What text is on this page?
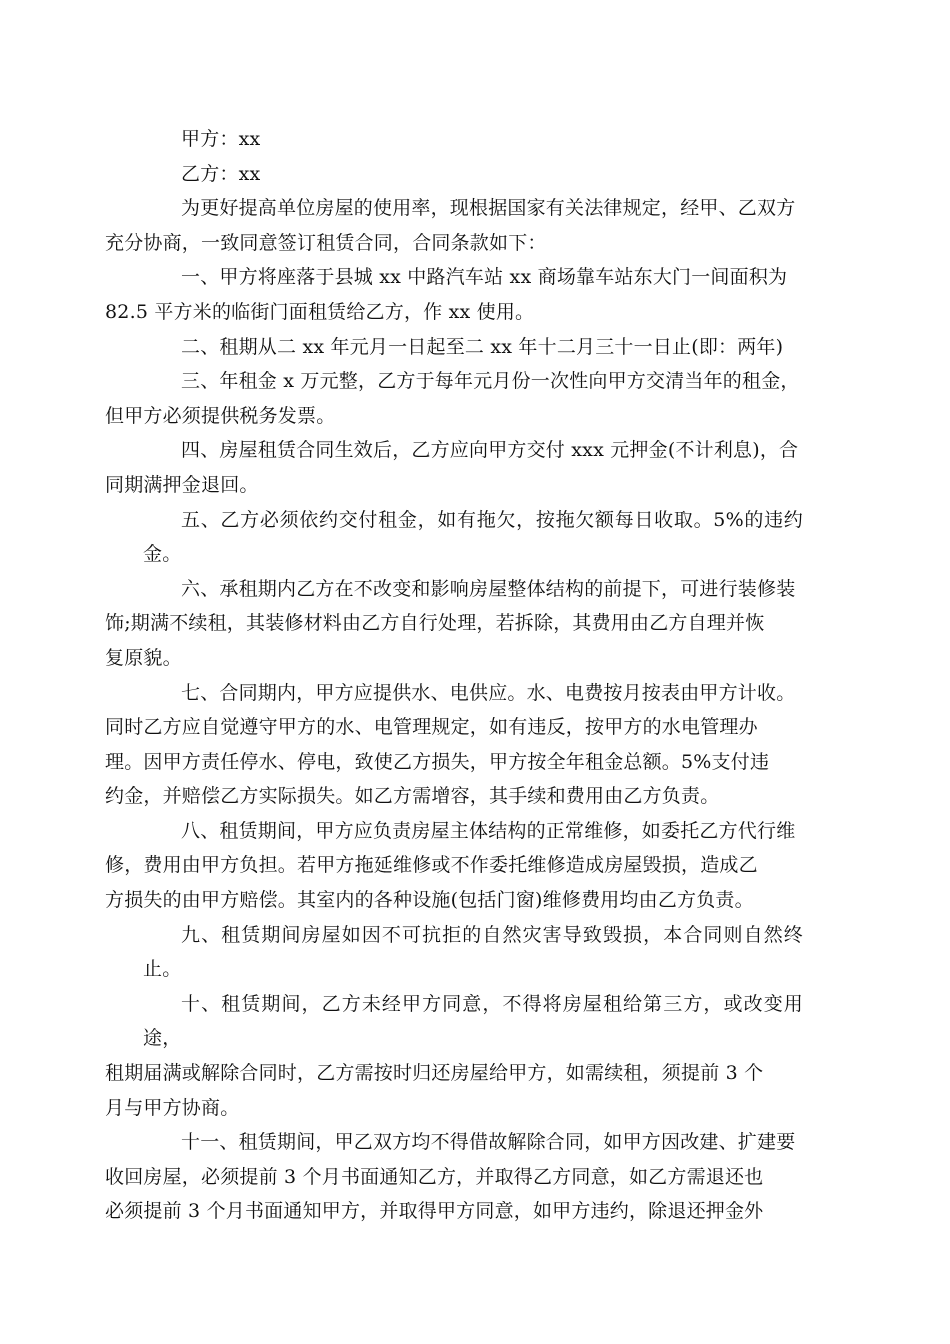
甲方：xx

乙方：xx

为更好提高单位房屋的使用率，现根据国家有关法律规定，经甲、乙双方
充分协商，一致同意签订租赁合同，合同条款如下：

一、甲方将座落于县城 xx 中路汽车站 xx 商场靠车站东大门一间面积为
82.5 平方米的临街门面租赁给乙方，作 xx 使用。

二、租期从二 xx 年元月一日起至二 xx 年十二月三十一日止(即：两年)

三、年租金 x 万元整，乙方于每年元月份一次性向甲方交清当年的租金，
但甲方必须提供税务发票。

四、房屋租赁合同生效后，乙方应向甲方交付 xxx 元押金(不计利息)，合
同期满押金退回。

五、乙方必须依约交付租金，如有拖欠，按拖欠额每日收取。5%的违约金。

六、承租期内乙方在不改变和影响房屋整体结构的前提下，可进行装修装
饰;期满不续租，其装修材料由乙方自行处理，若拆除，其费用由乙方自理并恢
复原貌。

七、合同期内，甲方应提供水、电供应。水、电费按月按表由甲方计收。
同时乙方应自觉遵守甲方的水、电管理规定，如有违反，按甲方的水电管理办
理。因甲方责任停水、停电，致使乙方损失，甲方按全年租金总额。5%支付违
约金，并赔偿乙方实际损失。如乙方需增容，其手续和费用由乙方负责。

八、租赁期间，甲方应负责房屋主体结构的正常维修，如委托乙方代行维
修，费用由甲方负担。若甲方拖延维修或不作委托维修造成房屋毁损，造成乙
方损失的由甲方赔偿。其室内的各种设施(包括门窗)维修费用均由乙方负责。

九、租赁期间房屋如因不可抗拒的自然灾害导致毁损，本合同则自然终止。

十、租赁期间，乙方未经甲方同意，不得将房屋租给第三方，或改变用途，
租期届满或解除合同时，乙方需按时归还房屋给甲方，如需续租，须提前 3 个
月与甲方协商。

十一、租赁期间，甲乙双方均不得借故解除合同，如甲方因改建、扩建要
收回房屋，必须提前 3 个月书面通知乙方，并取得乙方同意，如乙方需退还也
必须提前 3 个月书面通知甲方，并取得甲方同意，如甲方违约，除退还押金外
